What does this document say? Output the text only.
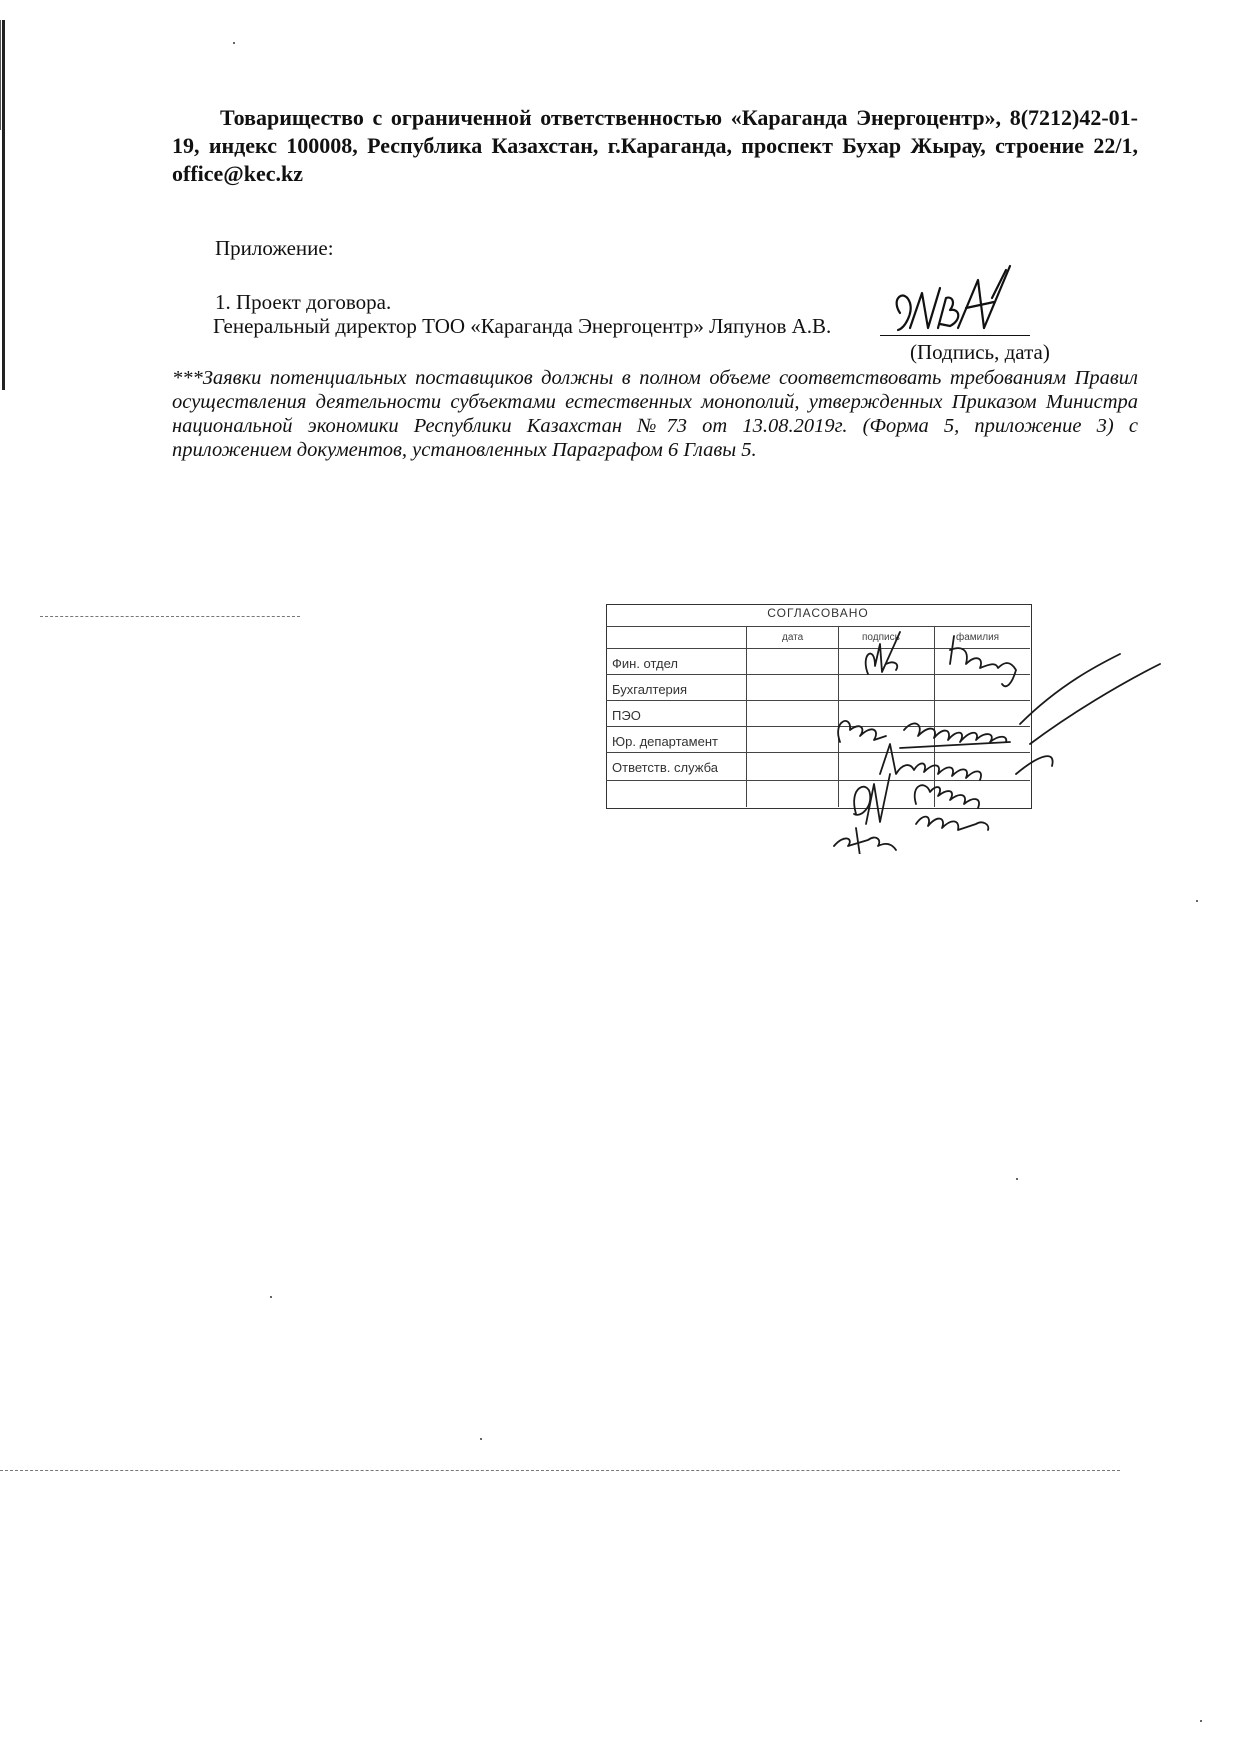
Товарищество с ограниченной ответственностью «Караганда Энергоцентр», 8(7212)42-01-19, индекс 100008, Республика Казахстан, г.Караганда, проспект Бухар Жырау, строение 22/1, office@kec.kz
Приложение:
1. Проект договора.
Генеральный директор ТОО «Караганда Энергоцентр» Ляпунов А.В.
(Подпись, дата)
***Заявки потенциальных поставщиков должны в полном объеме соответствовать требованиям Правил осуществления деятельности субъектами естественных монополий, утвержденных Приказом Министра национальной экономики Республики Казахстан №73 от 13.08.2019г. (Форма 5, приложение 3) с приложением документов, установленных Параграфом 6 Главы 5.
СОГЛАСОВАНО
дата	подпись	фамилия
Фин. отдел
Бухгалтерия
ПЭО
Юр. департамент
Ответств. служба
